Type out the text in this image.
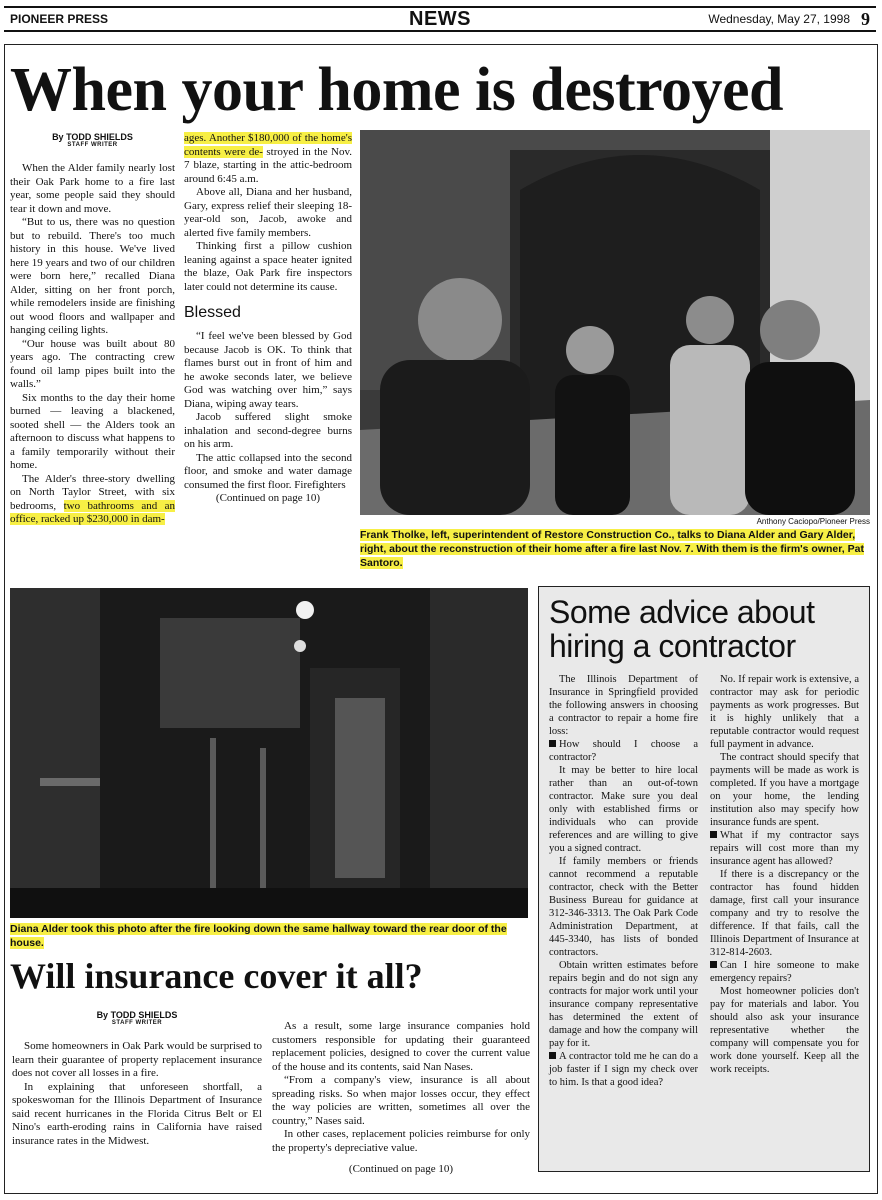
PIONEER PRESS	NEWS	Wednesday, May 27, 1998 9
When your home is destroyed
By TODD SHIELDS
STAFF WRITER

When the Alder family nearly lost their Oak Park home to a fire last year, some people said they should tear it down and move.

“But to us, there was no question but to rebuild. There's too much history in this house. We've lived here 19 years and two of our children were born here,” recalled Diana Alder, sitting on her front porch, while remodelers inside are finishing out wood floors and wallpaper and hanging ceiling lights.

“Our house was built about 80 years ago. The contracting crew found oil lamp pipes built into the walls.”

Six months to the day their home burned — leaving a blackened, sooted shell — the Alders took an afternoon to discuss what happens to a family temporarily without their home.

The Alder's three-story dwelling on North Taylor Street, with six bedrooms, two bathrooms and an office, racked up $230,000 in dam-

ages. Another $180,000 of the home's contents were de- stroyed in the Nov. 7 blaze, starting in the attic-bedroom around 6:45 a.m.

Above all, Diana and her husband, Gary, express relief their sleeping 18-year-old son, Jacob, awoke and alerted five family members.

Thinking first a pillow cushion leaning against a space heater ignited the blaze, Oak Park fire inspectors later could not determine its cause.

Blessed

“I feel we've been blessed by God because Jacob is OK. To think that flames burst out in front of him and he awoke seconds later, we believe God was watching over him,” says Diana, wiping away tears.

Jacob suffered slight smoke inhalation and second-degree burns on his arm.

The attic collapsed into the second floor, and smoke and water damage consumed the first floor. Firefighters

(Continued on page 10)
Anthony Caciopo/Pioneer Press
Frank Tholke, left, superintendent of Restore Construction Co., talks to Diana Alder and Gary Alder, right, about the reconstruction of their home after a fire last Nov. 7. With them is the firm's owner, Pat Santoro.
Diana Alder took this photo after the fire looking down the same hallway toward the rear door of the house.
Some advice about hiring a contractor

The Illinois Department of Insurance in Springfield provided the following answers in choosing a contractor to repair a home fire loss:

How should I choose a contractor?

It may be better to hire local rather than an out-of-town contractor. Make sure you deal only with established firms or individuals who can provide references and are willing to give you a signed contract.

If family members or friends cannot recommend a reputable contractor, check with the Better Business Bureau for guidance at 312-346-3313. The Oak Park Code Administration Department, at 445-3340, has lists of bonded contractors.

Obtain written estimates before repairs begin and do not sign any contracts for major work until your insurance company representative has determined the extent of damage and how the company will pay for it.

A contractor told me he can do a job faster if I sign my check over to him. Is that a good idea?

No. If repair work is extensive, a contractor may ask for periodic payments as work progresses. But it is highly unlikely that a reputable contractor would request full payment in advance.

The contract should specify that payments will be made as work is completed. If you have a mortgage on your home, the lending institution also may specify how insurance funds are spent.

What if my contractor says repairs will cost more than my insurance agent has allowed?

If there is a discrepancy or the contractor has found hidden damage, first call your insurance company and try to resolve the difference. If that fails, call the Illinois Department of Insurance at 312-814-2603.

Can I hire someone to make emergency repairs?

Most homeowner policies don't pay for materials and labor. You should also ask your insurance representative whether the company will compensate you for work done yourself. Keep all the work receipts.

Will insurance cover it all?
By TODD SHIELDS
STAFF WRITER

Some homeowners in Oak Park would be surprised to learn their guarantee of property replacement insurance does not cover all losses in a fire.

In explaining that unforeseen shortfall, a spokeswoman for the Illinois Department of Insurance said recent hurricanes in the Florida Citrus Belt or El Nino's earth-eroding rains in California have raised insurance rates in the Midwest.

As a result, some large insurance companies hold customers responsible for updating their guaranteed replacement policies, designed to cover the current value of the house and its contents, said Nan Nases.

“From a company's view, insurance is all about spreading risks. So when major losses occur, they effect the way policies are written, sometimes all over the country,” Nases said.

In other cases, replacement policies reimburse for only the property's depreciative value.

(Continued on page 10)
